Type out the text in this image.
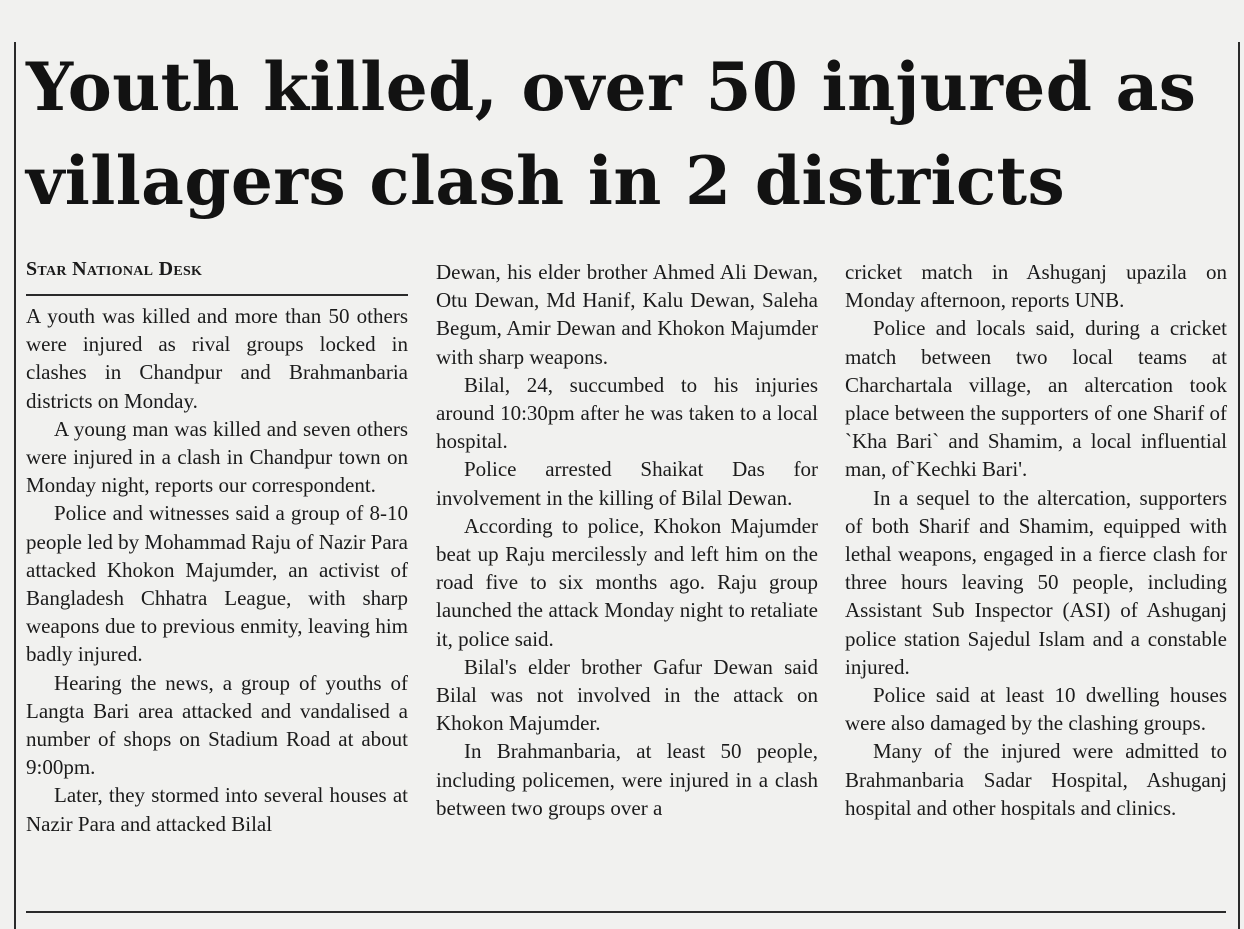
Youth killed, over 50 injured as
villagers clash in 2 districts
Star National Desk

A youth was killed and more than 50 others were injured as rival groups locked in clashes in Chandpur and Brahmanbaria districts on Monday.

A young man was killed and seven others were injured in a clash in Chandpur town on Monday night, reports our correspondent.

Police and witnesses said a group of 8-10 people led by Mohammad Raju of Nazir Para attacked Khokon Majumder, an activist of Bangladesh Chhatra League, with sharp weapons due to previous enmity, leaving him badly injured.

Hearing the news, a group of youths of Langta Bari area attacked and vandalised a number of shops on Stadium Road at about 9:00pm.

Later, they stormed into several houses at Nazir Para and attacked Bilal

Dewan, his elder brother Ahmed Ali Dewan, Otu Dewan, Md Hanif, Kalu Dewan, Saleha Begum, Amir Dewan and Khokon Majumder with sharp weapons.

Bilal, 24, succumbed to his injuries around 10:30pm after he was taken to a local hospital.

Police arrested Shaikat Das for involvement in the killing of Bilal Dewan.

According to police, Khokon Majumder beat up Raju mercilessly and left him on the road five to six months ago. Raju group launched the attack Monday night to retaliate it, police said.

Bilal's elder brother Gafur Dewan said Bilal was not involved in the attack on Khokon Majumder.

In Brahmanbaria, at least 50 people, including policemen, were injured in a clash between two groups over a

cricket match in Ashuganj upazila on Monday afternoon, reports UNB.

Police and locals said, during a cricket match between two local teams at Charchartala village, an altercation took place between the supporters of one Sharif of `Kha Bari` and Shamim, a local influential man, of`Kechki Bari'.

In a sequel to the altercation, supporters of both Sharif and Shamim, equipped with lethal weapons, engaged in a fierce clash for three hours leaving 50 people, including Assistant Sub Inspector (ASI) of Ashuganj police station Sajedul Islam and a constable injured.

Police said at least 10 dwelling houses were also damaged by the clashing groups.

Many of the injured were admitted to Brahmanbaria Sadar Hospital, Ashuganj hospital and other hospitals and clinics.
